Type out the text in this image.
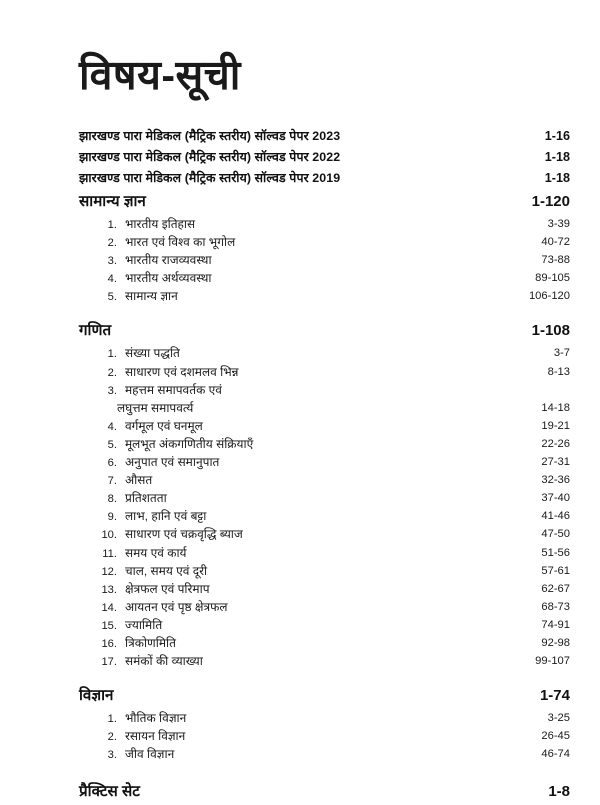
विषय-सूची
झारखण्ड पारा मेडिकल (मैट्रिक स्तरीय) सॉल्वड पेपर 2023	1-16
झारखण्ड पारा मेडिकल (मैट्रिक स्तरीय) सॉल्वड पेपर 2022	1-18
झारखण्ड पारा मेडिकल (मैट्रिक स्तरीय) सॉल्वड पेपर 2019	1-18
सामान्य ज्ञान	1-120
1. भारतीय इतिहास	3-39
2. भारत एवं विश्व का भूगोल	40-72
3. भारतीय राजव्यवस्था	73-88
4. भारतीय अर्थव्यवस्था	89-105
5. सामान्य ज्ञान	106-120
गणित	1-108
1. संख्या पद्धति	3-7
2. साधारण एवं दशमलव भिन्न	8-13
3. महत्तम समापवर्तक एवं
लघुत्तम समापवर्त्य	14-18
4. वर्गमूल एवं घनमूल	19-21
5. मूलभूत अंकगणितीय संक्रियाएँ	22-26
6. अनुपात एवं समानुपात	27-31
7. औसत	32-36
8. प्रतिशतता	37-40
9. लाभ, हानि एवं बट्टा	41-46
10. साधारण एवं चक्रवृद्धि ब्याज	47-50
11. समय एवं कार्य	51-56
12. चाल, समय एवं दूरी	57-61
13. क्षेत्रफल एवं परिमाप	62-67
14. आयतन एवं पृष्ठ क्षेत्रफल	68-73
15. ज्यामिति	74-91
16. त्रिकोणमिति	92-98
17. समंकों की व्याख्या	99-107
विज्ञान	1-74
1. भौतिक विज्ञान	3-25
2. रसायन विज्ञान	26-45
3. जीव विज्ञान	46-74
प्रैक्टिस सेट	1-8
